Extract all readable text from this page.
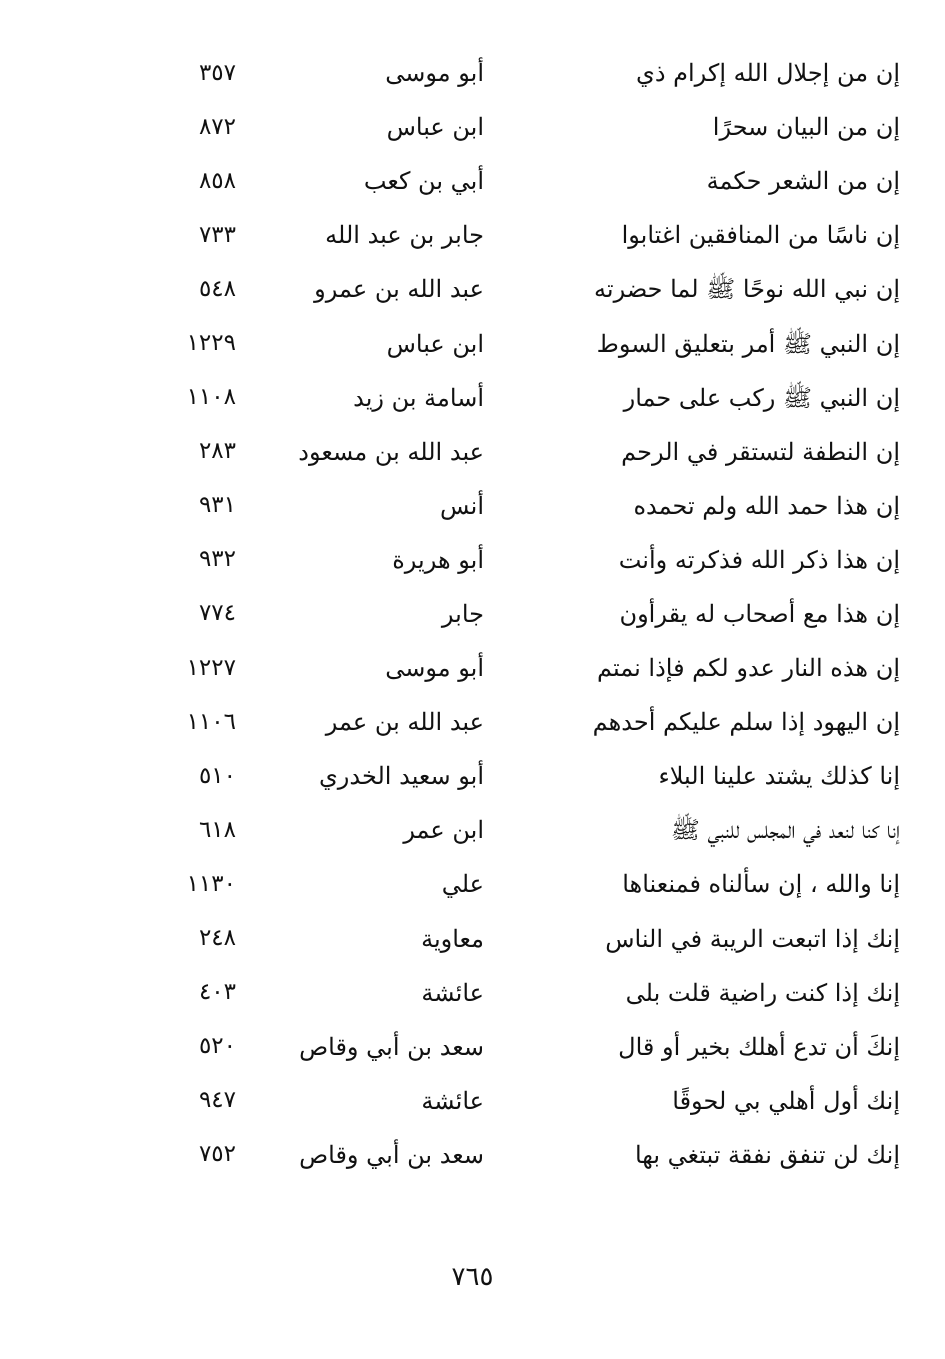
إن من إجلال الله إكرام ذي
أبو موسى
٣٥٧
إن من البيان سحرًا
ابن عباس
٨٧٢
إن من الشعر حكمة
أبي بن كعب
٨٥٨
إن ناسًا من المنافقين اغتابوا
جابر بن عبد الله
٧٣٣
إن نبي الله نوحًا ﷺ لما حضرته
عبد الله بن عمرو
٥٤٨
إن النبي ﷺ أمر بتعليق السوط
ابن عباس
١٢٢٩
إن النبي ﷺ ركب على حمار
أسامة بن زيد
١١٠٨
إن النطفة لتستقر في الرحم
عبد الله بن مسعود
٢٨٣
إن هذا حمد الله ولم تحمده
أنس
٩٣١
إن هذا ذكر الله فذكرته وأنت
أبو هريرة
٩٣٢
إن هذا مع أصحاب له يقرأون
جابر
٧٧٤
إن هذه النار عدو لكم فإذا نمتم
أبو موسى
١٢٢٧
إن اليهود إذا سلم عليكم أحدهم
عبد الله بن عمر
١١٠٦
إنا كذلك يشتد علينا البلاء
أبو سعيد الخدري
٥١٠
إنا كنا لنعد في المجلس للنبي ﷺ
ابن عمر
٦١٨
إنا والله ، إن سألناه فمنعناها
علي
١١٣٠
إنك إذا اتبعت الريبة في الناس
معاوية
٢٤٨
إنك إذا كنت راضية قلت بلى
عائشة
٤٠٣
إنكَ أن تدع أهلك بخير أو قال
سعد بن أبي وقاص
٥٢٠
إنك أول أهلي بي لحوقًا
عائشة
٩٤٧
إنك لن تنفق نفقة تبتغي بها
سعد بن أبي وقاص
٧٥٢
٧٦٥
